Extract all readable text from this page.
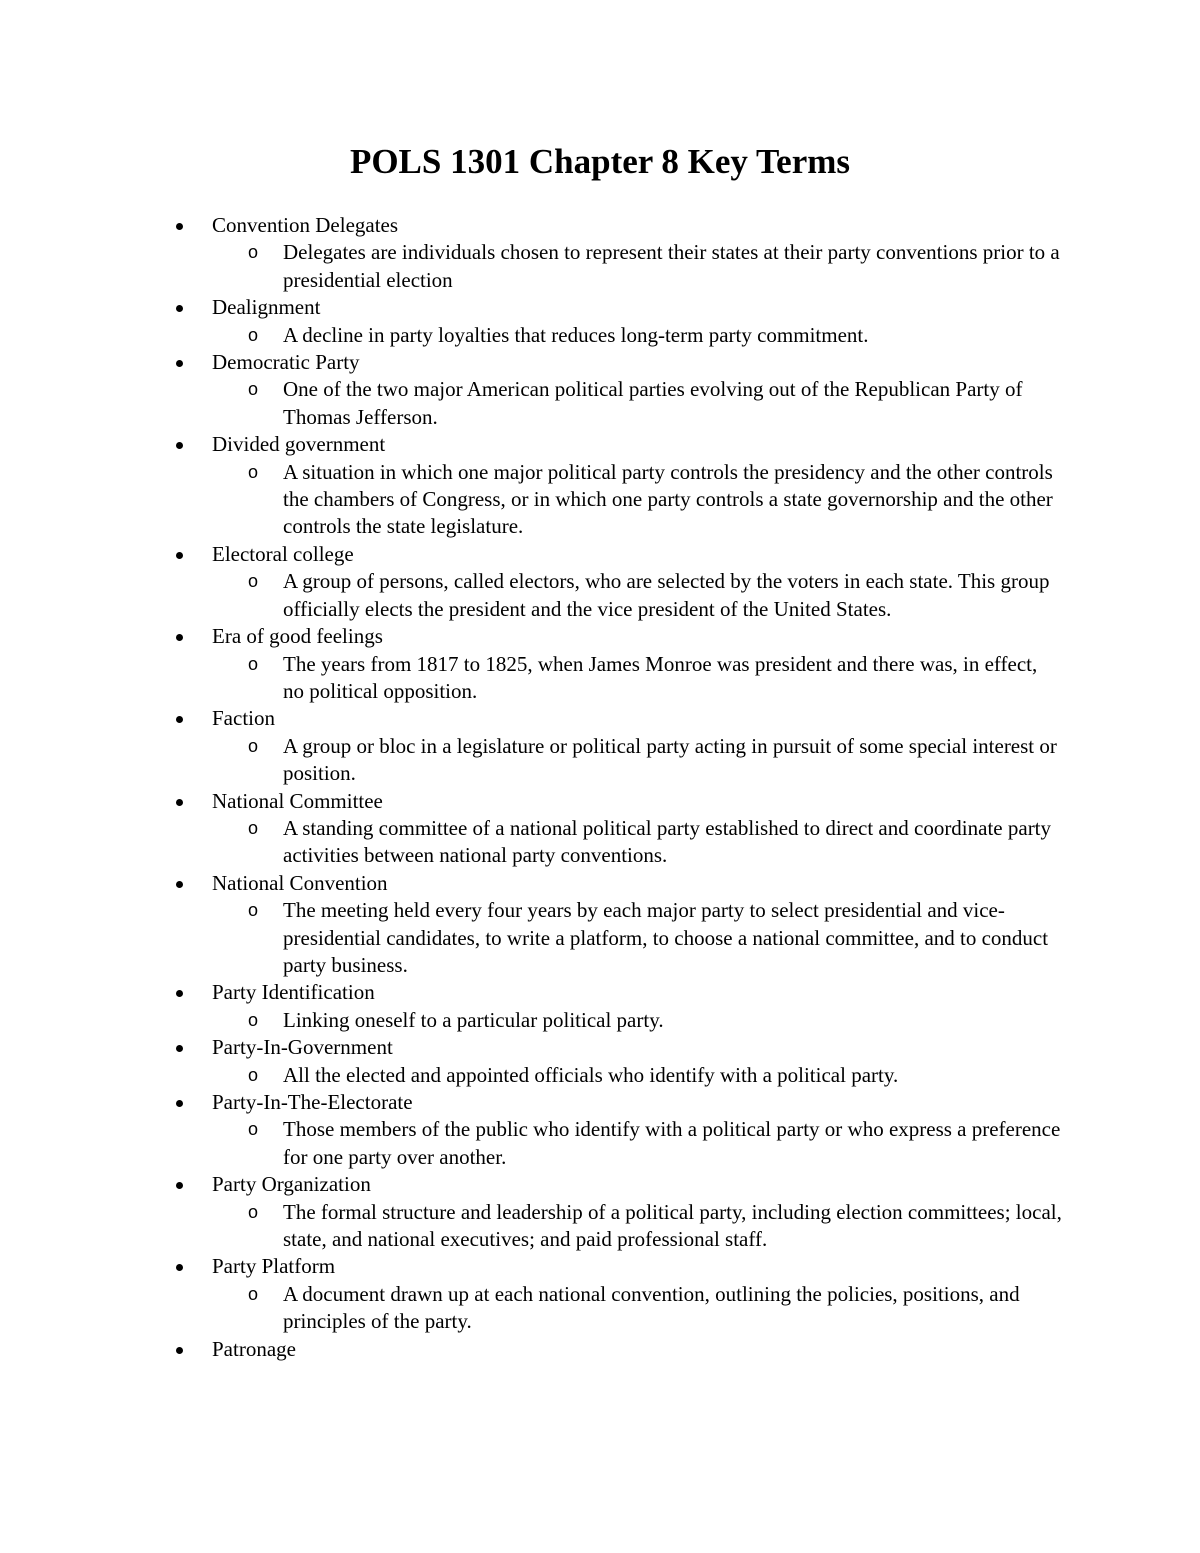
POLS 1301 Chapter 8 Key Terms
Convention Delegates
o Delegates are individuals chosen to represent their states at their party conventions prior to a presidential election
Dealignment
o A decline in party loyalties that reduces long-term party commitment.
Democratic Party
o One of the two major American political parties evolving out of the Republican Party of Thomas Jefferson.
Divided government
o A situation in which one major political party controls the presidency and the other controls the chambers of Congress, or in which one party controls a state governorship and the other controls the state legislature.
Electoral college
o A group of persons, called electors, who are selected by the voters in each state. This group officially elects the president and the vice president of the United States.
Era of good feelings
o The years from 1817 to 1825, when James Monroe was president and there was, in effect, no political opposition.
Faction
o A group or bloc in a legislature or political party acting in pursuit of some special interest or position.
National Committee
o A standing committee of a national political party established to direct and coordinate party activities between national party conventions.
National Convention
o The meeting held every four years by each major party to select presidential and vice-presidential candidates, to write a platform, to choose a national committee, and to conduct party business.
Party Identification
o Linking oneself to a particular political party.
Party-In-Government
o All the elected and appointed officials who identify with a political party.
Party-In-The-Electorate
o Those members of the public who identify with a political party or who express a preference for one party over another.
Party Organization
o The formal structure and leadership of a political party, including election committees; local, state, and national executives; and paid professional staff.
Party Platform
o A document drawn up at each national convention, outlining the policies, positions, and principles of the party.
Patronage
